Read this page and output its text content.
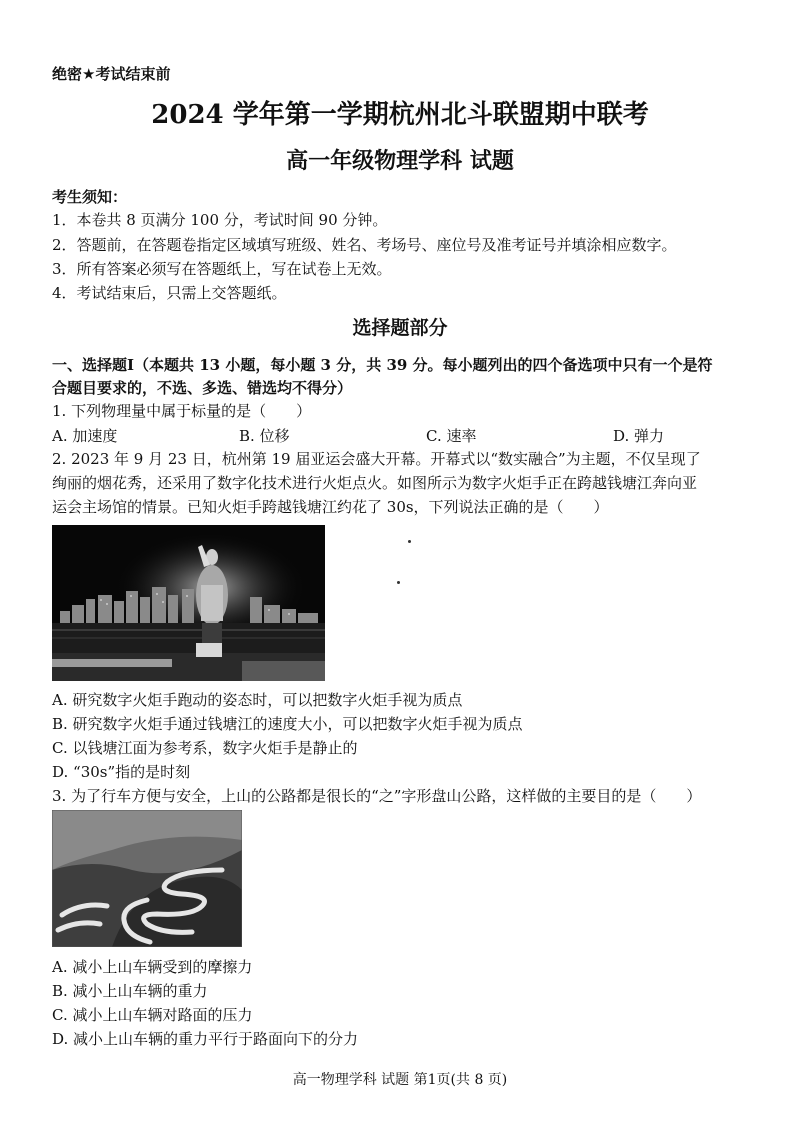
绝密★考试结束前
2024 学年第一学期杭州北斗联盟期中联考
高一年级物理学科 试题
考生须知：
1．本卷共 8 页满分 100 分，考试时间 90 分钟。
2．答题前，在答题卷指定区域填写班级、姓名、考场号、座位号及准考证号并填涂相应数字。
3．所有答案必须写在答题纸上，写在试卷上无效。
4．考试结束后，只需上交答题纸。
选择题部分
一、选择题Ⅰ（本题共 13 小题，每小题 3 分，共 39 分。每小题列出的四个备选项中只有一个是符
合题目要求的，不选、多选、错选均不得分）
1. 下列物理量中属于标量的是（　　）
A. 加速度	B. 位移	C. 速率	D. 弹力
2. 2023 年 9 月 23 日，杭州第 19 届亚运会盛大开幕。开幕式以“数实融合”为主题，不仅呈现了
绚丽的烟花秀，还采用了数字化技术进行火炬点火。如图所示为数字火炬手正在跨越钱塘江奔向亚
运会主场馆的情景。已知火炬手跨越钱塘江约花了 30s，下列说法正确的是（　　）
A. 研究数字火炬手跑动的姿态时，可以把数字火炬手视为质点
B. 研究数字火炬手通过钱塘江的速度大小，可以把数字火炬手视为质点
C. 以钱塘江面为参考系，数字火炬手是静止的
D. “30s”指的是时刻
3. 为了行车方便与安全，上山的公路都是很长的“之”字形盘山公路，这样做的主要目的是（　　）
A. 减小上山车辆受到的摩擦力
B. 减小上山车辆的重力
C. 减小上山车辆对路面的压力
D. 减小上山车辆的重力平行于路面向下的分力
高一物理学科 试题 第1页(共 8 页)
